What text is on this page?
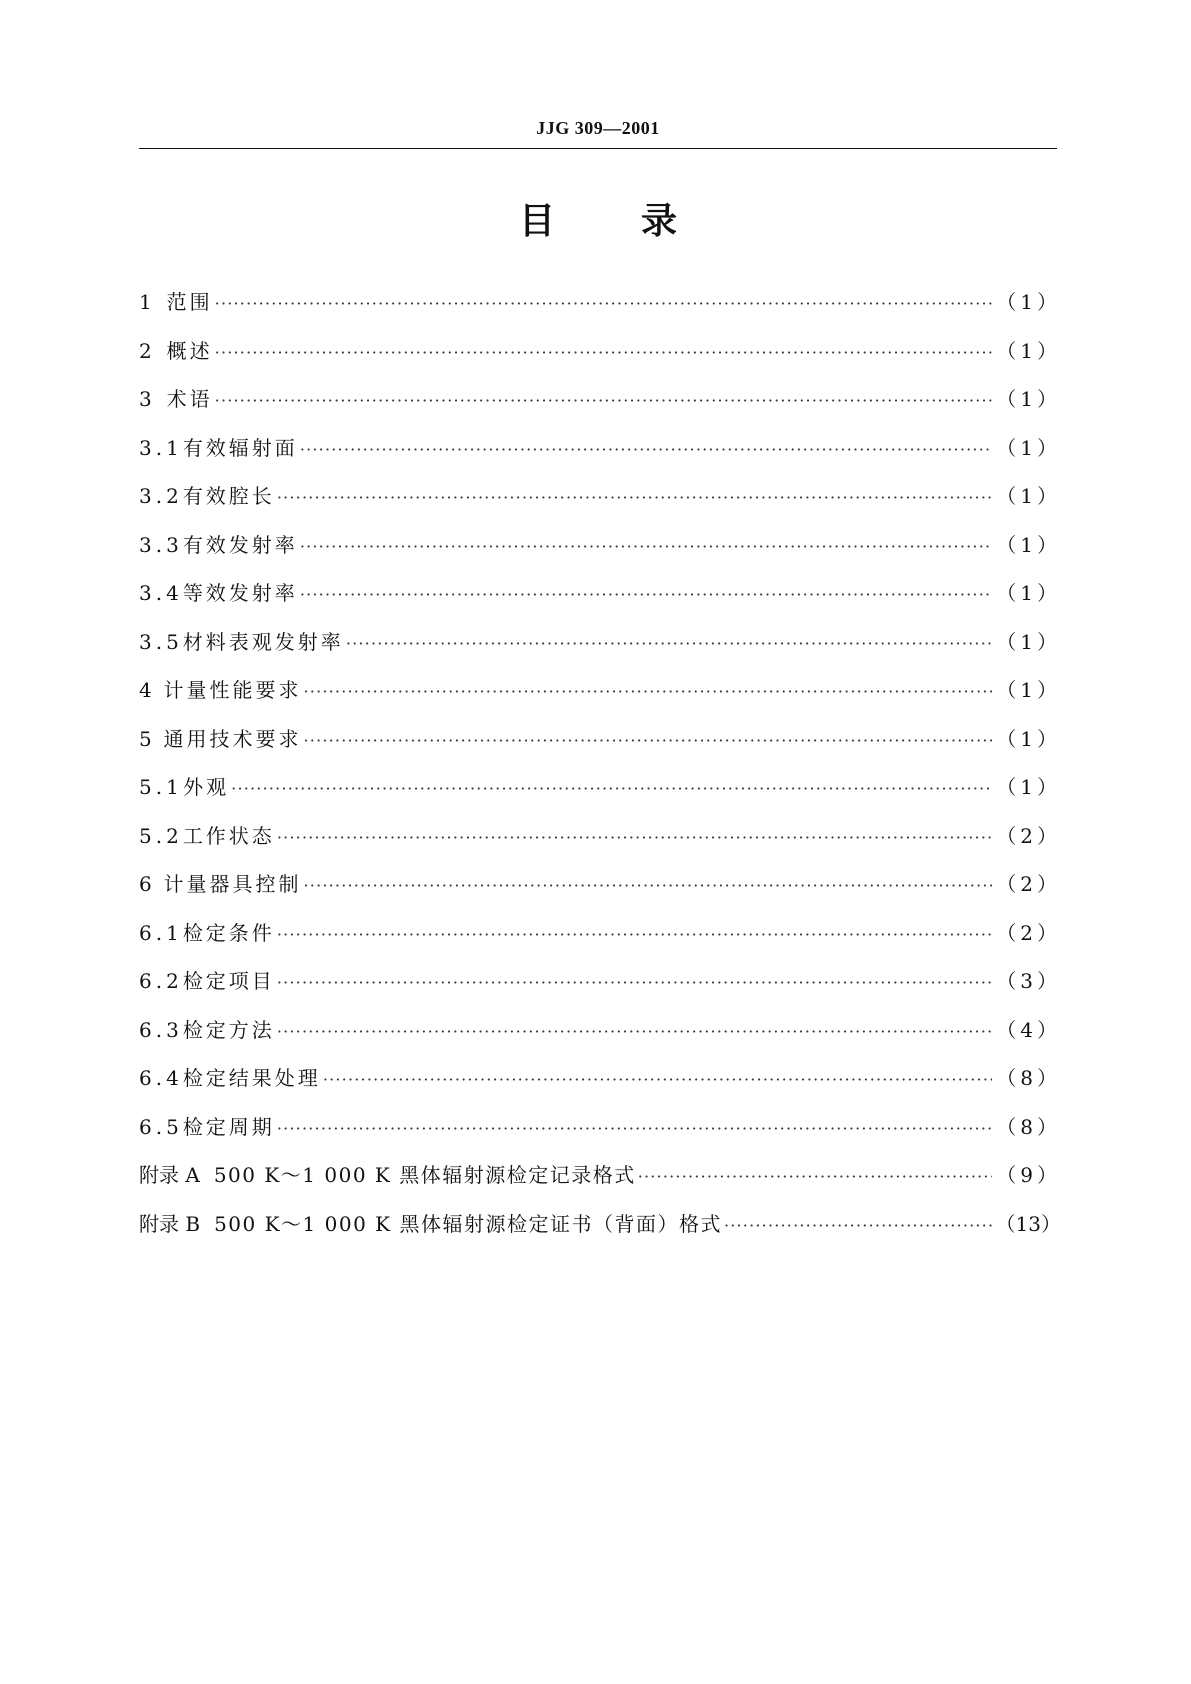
JJG 309—2001
目 录
1 范围 ·····	（1）
2 概述 ·····	（1）
3 术语 ·····	（1）
3.1 有效辐射面 ·····	（1）
3.2 有效腔长 ·····	（1）
3.3 有效发射率 ·····	（1）
3.4 等效发射率 ·····	（1）
3.5 材料表观发射率 ·····	（1）
4 计量性能要求 ·····	（1）
5 通用技术要求 ·····	（1）
5.1 外观 ·····	（1）
5.2 工作状态 ·····	（2）
6 计量器具控制 ·····	（2）
6.1 检定条件 ·····	（2）
6.2 检定项目 ·····	（3）
6.3 检定方法 ·····	（4）
6.4 检定结果处理 ·····	（8）
6.5 检定周期 ·····	（8）
附录 A 500 K～1 000 K 黑体辐射源检定记录格式 ·····	（9）
附录 B 500 K～1 000 K 黑体辐射源检定证书（背面）格式 ·····	（13）
